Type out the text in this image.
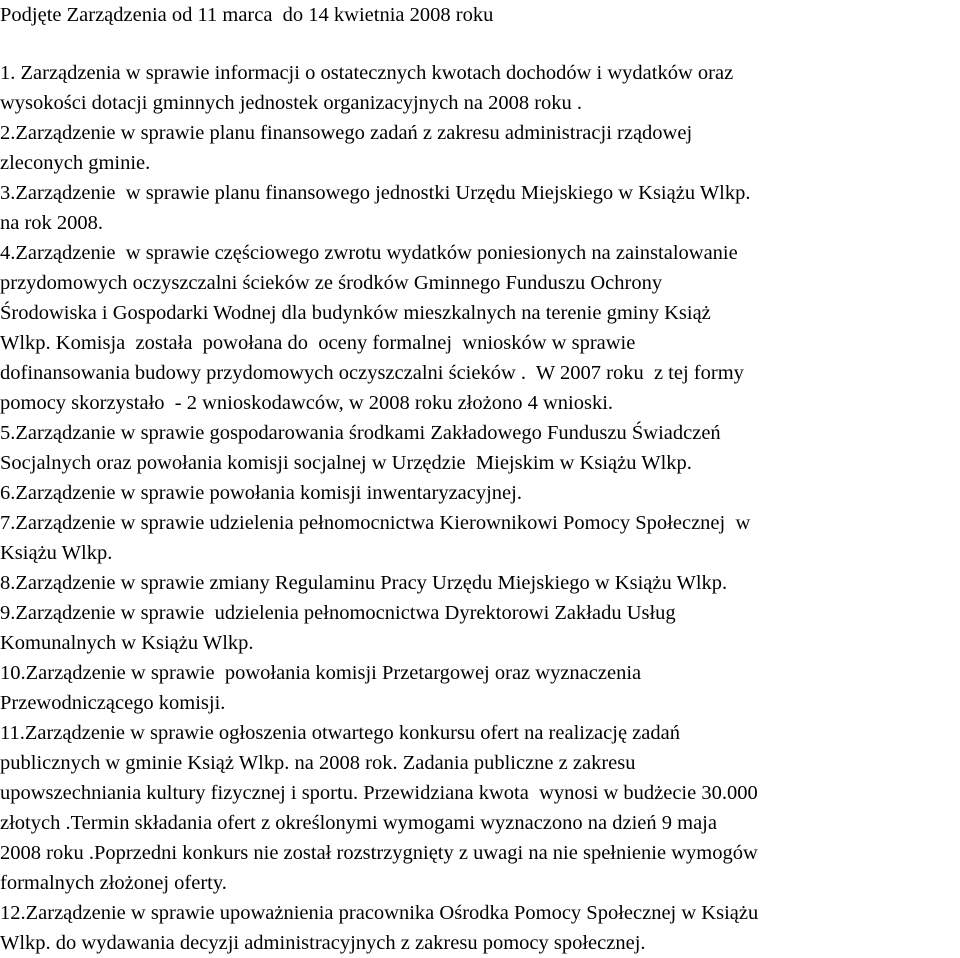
Podjęte Zarządzenia od 11 marca  do 14 kwietnia 2008 roku
1. Zarządzenia w sprawie informacji o ostatecznych kwotach dochodów i wydatków oraz
wysokości dotacji gminnych jednostek organizacyjnych na 2008 roku .
2.Zarządzenie w sprawie planu finansowego zadań z zakresu administracji rządowej
zleconych gminie.
3.Zarządzenie  w sprawie planu finansowego jednostki Urzędu Miejskiego w Książu Wlkp.
na rok 2008.
4.Zarządzenie  w sprawie częściowego zwrotu wydatków poniesionych na zainstalowanie
przydomowych oczyszczalni ścieków ze środków Gminnego Funduszu Ochrony
Środowiska i Gospodarki Wodnej dla budynków mieszkalnych na terenie gminy Książ
Wlkp. Komisja  została  powołana do  oceny formalnej  wniosków w sprawie
dofinansowania budowy przydomowych oczyszczalni ścieków .  W 2007 roku  z tej formy
pomocy skorzystało  - 2 wnioskodawców, w 2008 roku złożono 4 wnioski.
5.Zarządzanie w sprawie gospodarowania środkami Zakładowego Funduszu Świadczeń
Socjalnych oraz powołania komisji socjalnej w Urzędzie  Miejskim w Książu Wlkp.
6.Zarządzenie w sprawie powołania komisji inwentaryzacyjnej.
7.Zarządzenie w sprawie udzielenia pełnomocnictwa Kierownikowi Pomocy Społecznej  w
Książu Wlkp.
8.Zarządzenie w sprawie zmiany Regulaminu Pracy Urzędu Miejskiego w Książu Wlkp.
9.Zarządzenie w sprawie  udzielenia pełnomocnictwa Dyrektorowi Zakładu Usług
Komunalnych w Książu Wlkp.
10.Zarządzenie w sprawie  powołania komisji Przetargowej oraz wyznaczenia
Przewodniczącego komisji.
11.Zarządzenie w sprawie ogłoszenia otwartego konkursu ofert na realizację zadań
publicznych w gminie Książ Wlkp. na 2008 rok. Zadania publiczne z zakresu
upowszechniania kultury fizycznej i sportu. Przewidziana kwota  wynosi w budżecie 30.000
złotych .Termin składania ofert z określonymi wymogami wyznaczono na dzień 9 maja
2008 roku .Poprzedni konkurs nie został rozstrzygnięty z uwagi na nie spełnienie wymogów
formalnych złożonej oferty.
12.Zarządzenie w sprawie upoważnienia pracownika Ośrodka Pomocy Społecznej w Książu
Wlkp. do wydawania decyzji administracyjnych z zakresu pomocy społecznej.
